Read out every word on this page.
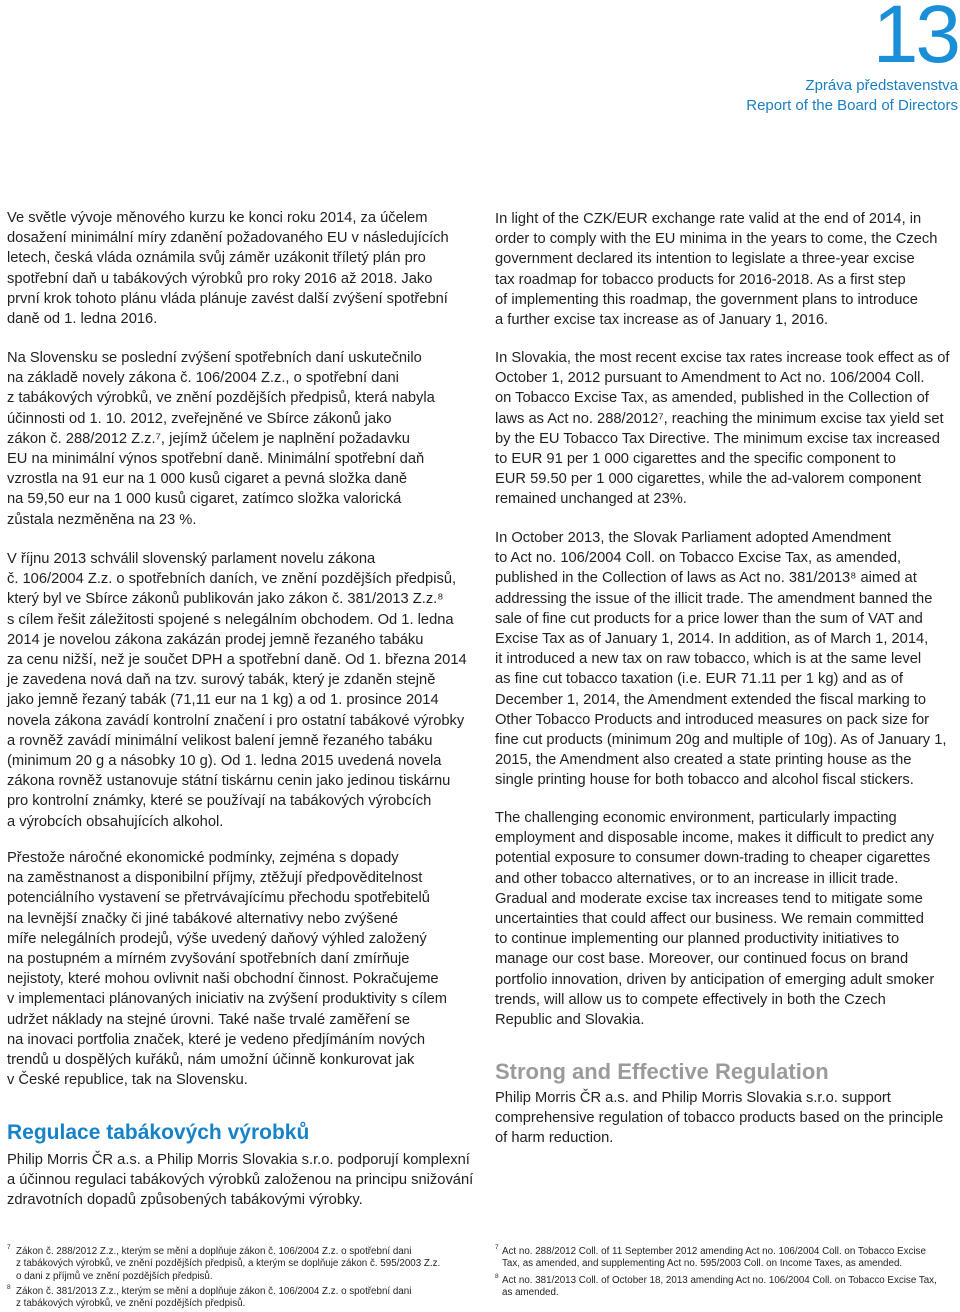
13
Zpráva představenstva
Report of the Board of Directors

Ve světle vývoje měnového kurzu ke konci roku 2014, za účelem
dosažení minimální míry zdanění požadovaného EU v následujících
letech, česká vláda oznámila svůj záměr uzákonit tříletý plán pro
spotřební daň u tabákových výrobků pro roky 2016 až 2018. Jako
první krok tohoto plánu vláda plánuje zavést další zvýšení spotřební
daně od 1. ledna 2016.

Na Slovensku se poslední zvýšení spotřebních daní uskutečnilo
na základě novely zákona č. 106/2004 Z.z., o spotřební dani
z tabákových výrobků, ve znění pozdějších předpisů, která nabyla
účinnosti od 1. 10. 2012, zveřejněné ve Sbírce zákonů jako
zákon č. 288/2012 Z.z.⁷, jejímž účelem je naplnění požadavku
EU na minimální výnos spotřební daně. Minimální spotřební daň
vzrostla na 91 eur na 1 000 kusů cigaret a pevná složka daně
na 59,50 eur na 1 000 kusů cigaret, zatímco složka valorická
zůstala nezměněna na 23 %.

V říjnu 2013 schválil slovenský parlament novelu zákona
č. 106/2004 Z.z. o spotřebních daních, ve znění pozdějších předpisů,
který byl ve Sbírce zákonů publikován jako zákon č. 381/2013 Z.z.⁸
s cílem řešit záležitosti spojené s nelegálním obchodem. Od 1. ledna
2014 je novelou zákona zakázán prodej jemně řezaného tabáku
za cenu nižší, než je součet DPH a spotřební daně. Od 1. března 2014
je zavedena nová daň na tzv. surový tabák, který je zdaněn stejně
jako jemně řezaný tabák (71,11 eur na 1 kg) a od 1. prosince 2014
novela zákona zavádí kontrolní značení i pro ostatní tabákové výrobky
a rovněž zavádí minimální velikost balení jemně řezaného tabáku
(minimum 20 g a násobky 10 g). Od 1. ledna 2015 uvedená novela
zákona rovněž ustanovuje státní tiskárnu cenin jako jedinou tiskárnu
pro kontrolní známky, které se používají na tabákových výrobcích
a výrobcích obsahujících alkohol.

Přestože náročné ekonomické podmínky, zejména s dopady
na zaměstnanost a disponibilní příjmy, ztěžují předpověditelnost
potenciálního vystavení se přetrvávajícímu přechodu spotřebitelů
na levnější značky či jiné tabákové alternativy nebo zvýšené
míře nelegálních prodejů, výše uvedený daňový výhled založený
na postupném a mírném zvyšování spotřebních daní zmírňuje
nejistoty, které mohou ovlivnit naši obchodní činnost. Pokračujeme
v implementaci plánovaných iniciativ na zvýšení produktivity s cílem
udržet náklady na stejné úrovni. Také naše trvalé zaměření se
na inovaci portfolia značek, které je vedeno předjímáním nových
trendů u dospělých kuřáků, nám umožní účinně konkurovat jak
v České republice, tak na Slovensku.

Regulace tabákových výrobků

Philip Morris ČR a.s. a Philip Morris Slovakia s.r.o. podporují komplexní
a účinnou regulaci tabákových výrobků založenou na principu snižování
zdravotních dopadů způsobených tabákovými výrobky.

In light of the CZK/EUR exchange rate valid at the end of 2014, in
order to comply with the EU minima in the years to come, the Czech
government declared its intention to legislate a three-year excise
tax roadmap for tobacco products for 2016-2018. As a first step
of implementing this roadmap, the government plans to introduce
a further excise tax increase as of January 1, 2016.

In Slovakia, the most recent excise tax rates increase took effect as of
October 1, 2012 pursuant to Amendment to Act no. 106/2004 Coll.
on Tobacco Excise Tax, as amended, published in the Collection of
laws as Act no. 288/2012⁷, reaching the minimum excise tax yield set
by the EU Tobacco Tax Directive. The minimum excise tax increased
to EUR 91 per 1 000 cigarettes and the specific component to
EUR 59.50 per 1 000 cigarettes, while the ad-valorem component
remained unchanged at 23%.

In October 2013, the Slovak Parliament adopted Amendment
to Act no. 106/2004 Coll. on Tobacco Excise Tax, as amended,
published in the Collection of laws as Act no. 381/2013⁸ aimed at
addressing the issue of the illicit trade. The amendment banned the
sale of fine cut products for a price lower than the sum of VAT and
Excise Tax as of January 1, 2014. In addition, as of March 1, 2014,
it introduced a new tax on raw tobacco, which is at the same level
as fine cut tobacco taxation (i.e. EUR 71.11 per 1 kg) and as of
December 1, 2014, the Amendment extended the fiscal marking to
Other Tobacco Products and introduced measures on pack size for
fine cut products (minimum 20g and multiple of 10g). As of January 1,
2015, the Amendment also created a state printing house as the
single printing house for both tobacco and alcohol fiscal stickers.

The challenging economic environment, particularly impacting
employment and disposable income, makes it difficult to predict any
potential exposure to consumer down-trading to cheaper cigarettes
and other tobacco alternatives, or to an increase in illicit trade.
Gradual and moderate excise tax increases tend to mitigate some
uncertainties that could affect our business. We remain committed
to continue implementing our planned productivity initiatives to
manage our cost base. Moreover, our continued focus on brand
portfolio innovation, driven by anticipation of emerging adult smoker
trends, will allow us to compete effectively in both the Czech
Republic and Slovakia.

Strong and Effective Regulation

Philip Morris ČR a.s. and Philip Morris Slovakia s.r.o. support
comprehensive regulation of tobacco products based on the principle
of harm reduction.

7 Zákon č. 288/2012 Z.z., kterým se mění a doplňuje zákon č. 106/2004 Z.z. o spotřební dani
z tabákových výrobků, ve znění pozdějších předpisů, a kterým se doplňuje zákon č. 595/2003 Z.z.
o dani z příjmů ve znění pozdějších předpisů.
8 Zákon č. 381/2013 Z.z., kterým se mění a doplňuje zákon č. 106/2004 Z.z. o spotřební dani
z tabákových výrobků, ve znění pozdějších předpisů.
7 Act no. 288/2012 Coll. of 11 September 2012 amending Act no. 106/2004 Coll. on Tobacco Excise
Tax, as amended, and supplementing Act no. 595/2003 Coll. on Income Taxes, as amended.
8 Act no. 381/2013 Coll. of October 18, 2013 amending Act no. 106/2004 Coll. on Tobacco Excise Tax,
as amended.
